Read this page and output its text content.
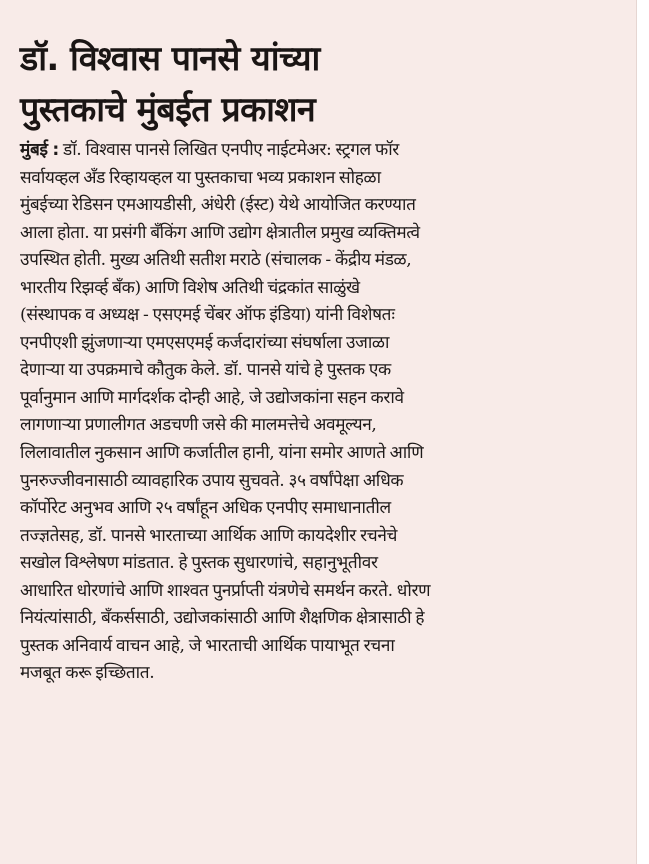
डॉ. विश्वास पानसे यांच्या
पुस्तकाचे मुंबईत प्रकाशन
मुंबई : डॉ. विश्वास पानसे लिखित एनपीए नाईटमेअर: स्ट्रगल फॉर
सर्वायव्हल अँड रिव्हायव्हल या पुस्तकाचा भव्य प्रकाशन सोहळा
मुंबईच्या रेडिसन एमआयडीसी, अंधेरी (ईस्ट) येथे आयोजित करण्यात
आला होता. या प्रसंगी बँकिंग आणि उद्योग क्षेत्रातील प्रमुख व्यक्तिमत्वे
उपस्थित होती. मुख्य अतिथी सतीश मराठे (संचालक - केंद्रीय मंडळ,
भारतीय रिझर्व्ह बँक) आणि विशेष अतिथी चंद्रकांत साळुंखे
(संस्थापक व अध्यक्ष - एसएमई चेंबर ऑफ इंडिया) यांनी विशेषतः
एनपीएशी झुंजणाऱ्या एमएसएमई कर्जदारांच्या संघर्षाला उजाळा
देणाऱ्या या उपक्रमाचे कौतुक केले. डॉ. पानसे यांचे हे पुस्तक एक
पूर्वानुमान आणि मार्गदर्शक दोन्ही आहे, जे उद्योजकांना सहन करावे
लागणाऱ्या प्रणालीगत अडचणी जसे की मालमत्तेचे अवमूल्यन,
लिलावातील नुकसान आणि कर्जातील हानी, यांना समोर आणते आणि
पुनरुज्जीवनासाठी व्यावहारिक उपाय सुचवते. ३५ वर्षांपेक्षा अधिक
कॉर्पोरेट अनुभव आणि २५ वर्षांहून अधिक एनपीए समाधानातील
तज्ज्ञतेसह, डॉ. पानसे भारताच्या आर्थिक आणि कायदेशीर रचनेचे
सखोल विश्लेषण मांडतात. हे पुस्तक सुधारणांचे, सहानुभूतीवर
आधारित धोरणांचे आणि शाश्वत पुनर्प्राप्ती यंत्रणेचे समर्थन करते. धोरण
नियंत्यांसाठी, बँकर्ससाठी, उद्योजकांसाठी आणि शैक्षणिक क्षेत्रासाठी हे
पुस्तक अनिवार्य वाचन आहे, जे भारताची आर्थिक पायाभूत रचना
मजबूत करू इच्छितात.
